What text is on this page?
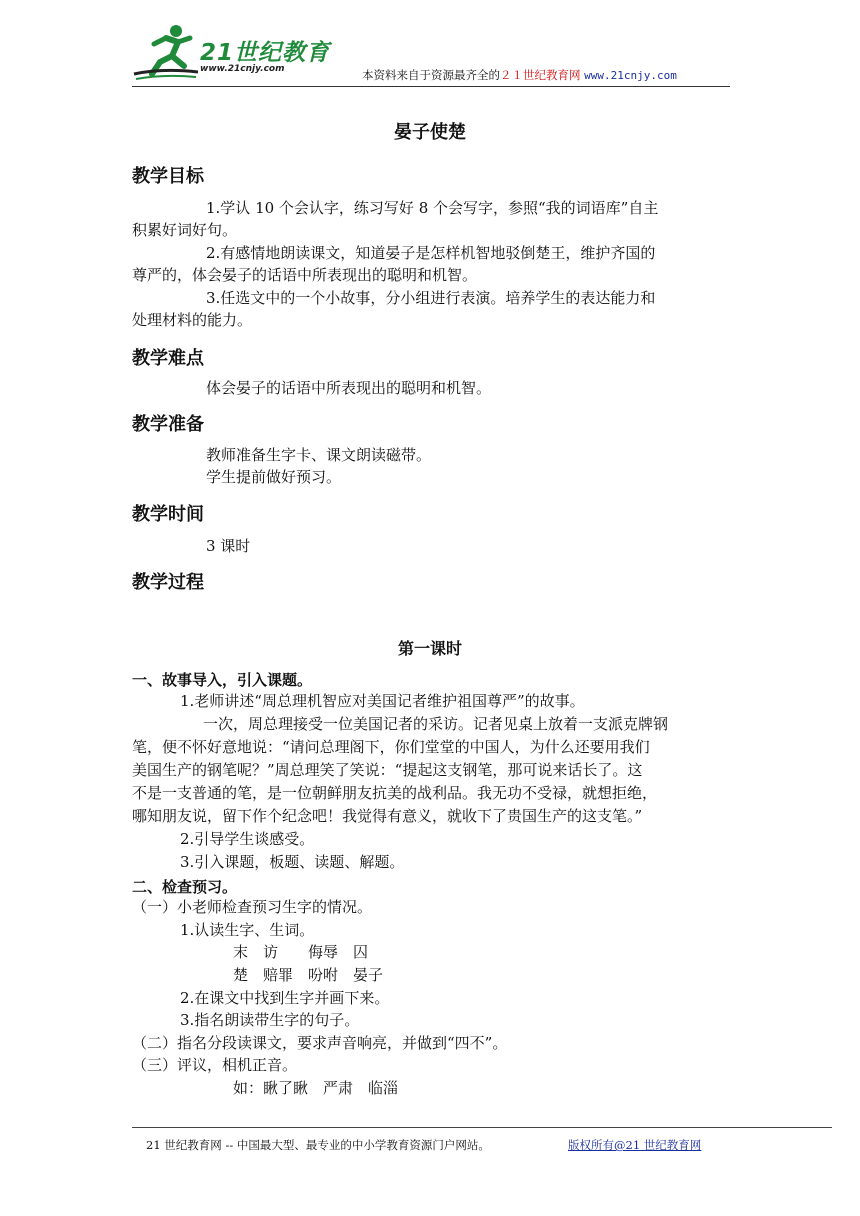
21世纪教育
www.21cnjy.com	本资料来自于资源最齐全的２１世纪教育网 www.21cnjy.com
晏子使楚
教学目标
1.学认 10 个会认字，练习写好 8 个会写字，参照“我的词语库”自主
积累好词好句。
2.有感情地朗读课文，知道晏子是怎样机智地驳倒楚王，维护齐国的
尊严的，体会晏子的话语中所表现出的聪明和机智。
3.任选文中的一个小故事，分小组进行表演。培养学生的表达能力和
处理材料的能力。
教学难点
体会晏子的话语中所表现出的聪明和机智。
教学准备
教师准备生字卡、课文朗读磁带。
学生提前做好预习。
教学时间
3 课时
教学过程
第一课时
一、故事导入，引入课题。
1.老师讲述“周总理机智应对美国记者维护祖国尊严”的故事。
一次，周总理接受一位美国记者的采访。记者见桌上放着一支派克牌钢
笔，便不怀好意地说：“请问总理阁下，你们堂堂的中国人，为什么还要用我们
美国生产的钢笔呢？”周总理笑了笑说：“提起这支钢笔，那可说来话长了。这
不是一支普通的笔，是一位朝鲜朋友抗美的战利品。我无功不受禄，就想拒绝，
哪知朋友说，留下作个纪念吧！我觉得有意义，就收下了贵国生产的这支笔。”
2.引导学生谈感受。
3.引入课题，板题、读题、解题。
二、检查预习。
（一）小老师检查预习生字的情况。
1.认读生字、生词。
末　访　　侮辱　囚
楚　赔罪　吩咐　晏子
2.在课文中找到生字并画下来。
3.指名朗读带生字的句子。
（二）指名分段读课文，要求声音响亮，并做到“四不”。
（三）评议，相机正音。
如：瞅了瞅　严肃　临淄
21 世纪教育网 -- 中国最大型、最专业的中小学教育资源门户网站。	版权所有@21 世纪教育网
